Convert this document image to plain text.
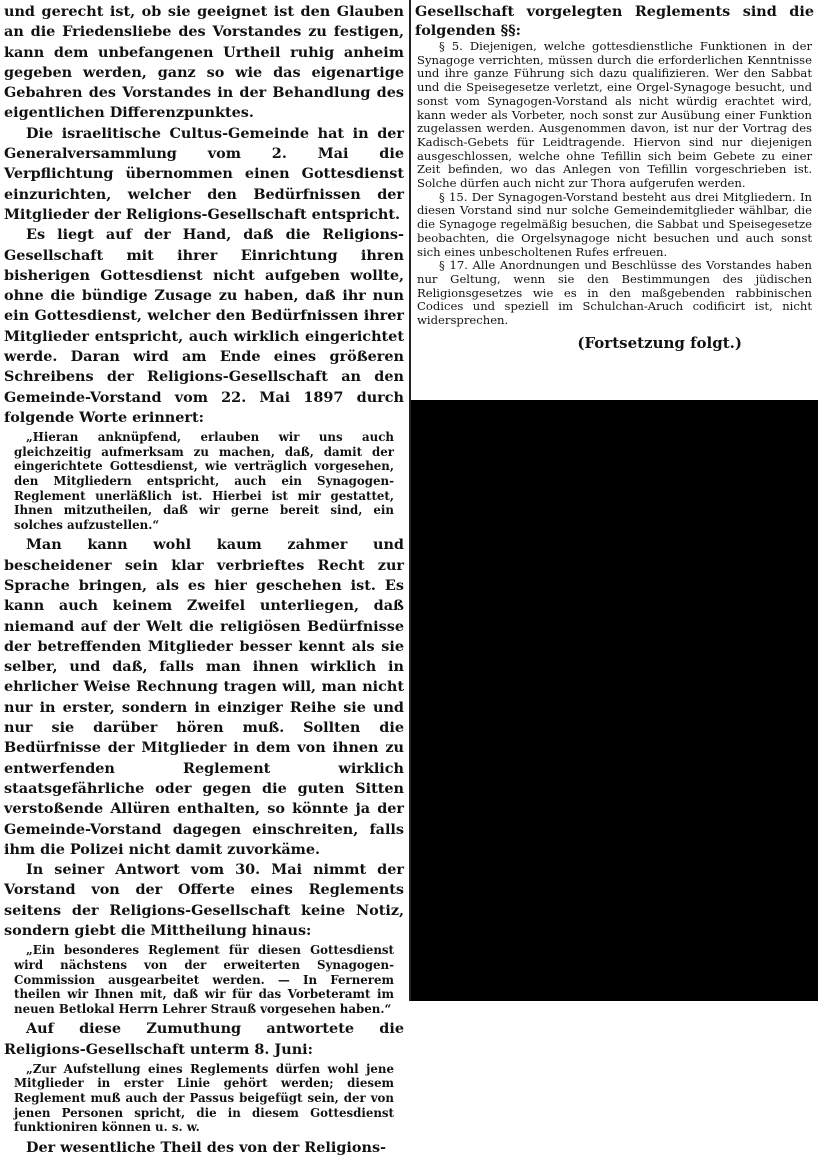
und gerecht ist, ob sie geeignet ist den Glauben an die Friedensliebe des Vorstandes zu festigen, kann dem unbefangenen Urtheil ruhig anheim gegeben werden, ganz so wie das eigenartige Gebahren des Vorstandes in der Behandlung des eigentlichen Differenzpunktes.

Die israelitische Cultus-Gemeinde hat in der Generalversammlung vom 2. Mai die Verpflichtung übernommen einen Gottesdienst einzurichten, welcher den Bedürfnissen der Mitglieder der Religions-Gesellschaft entspricht.

Es liegt auf der Hand, daß die Religions-Gesellschaft mit ihrer Einrichtung ihren bisherigen Gottesdienst nicht aufgeben wollte, ohne die bündige Zusage zu haben, daß ihr nun ein Gottesdienst, welcher den Bedürfnissen ihrer Mitglieder entspricht, auch wirklich eingerichtet werde. Daran wird am Ende eines größeren Schreibens der Religions-Gesellschaft an den Gemeinde-Vorstand vom 22. Mai 1897 durch folgende Worte erinnert:

„Hieran anknüpfend, erlauben wir uns auch gleichzeitig aufmerksam zu machen, daß, damit der eingerichtete Gottesdienst, wie verträglich vorgesehen, den Mitgliedern entspricht, auch ein Synagogen-Reglement unerläßlich ist. Hierbei ist mir gestattet, Ihnen mitzutheilen, daß wir gerne bereit sind, ein solches aufzustellen.“

Man kann wohl kaum zahmer und bescheidener sein klar verbrieftes Recht zur Sprache bringen, als es hier geschehen ist. Es kann auch keinem Zweifel unterliegen, daß niemand auf der Welt die religiösen Bedürfnisse der betreffenden Mitglieder besser kennt als sie selber, und daß, falls man ihnen wirklich in ehrlicher Weise Rechnung tragen will, man nicht nur in erster, sondern in einziger Reihe sie und nur sie darüber hören muß. Sollten die Bedürfnisse der Mitglieder in dem von ihnen zu entwerfenden Reglement wirklich staatsgefährliche oder gegen die guten Sitten verstoßende Allüren enthalten, so könnte ja der Gemeinde-Vorstand dagegen einschreiten, falls ihm die Polizei nicht damit zuvorkäme.

In seiner Antwort vom 30. Mai nimmt der Vorstand von der Offerte eines Reglements seitens der Religions-Gesellschaft keine Notiz, sondern giebt die Mittheilung hinaus:

„Ein besonderes Reglement für diesen Gottesdienst wird nächstens von der erweiterten Synagogen-Commission ausgearbeitet werden. — In Fernerem theilen wir Ihnen mit, daß wir für das Vorbeteramt im neuen Betlokal Herrn Lehrer Strauß vorgesehen haben.“

Auf diese Zumuthung antwortete die Religions-Gesellschaft unterm 8. Juni:

„Zur Aufstellung eines Reglements dürfen wohl jene Mitglieder in erster Linie gehört werden; diesem Reglement muß auch der Passus beigefügt sein, der von jenen Personen spricht, die in diesem Gottesdienst funktioniren können u. s. w.

Der wesentliche Theil des von der Religions-

Gesellschaft vorgelegten Reglements sind die folgenden §§:

§ 5. Diejenigen, welche gottesdienstliche Funktionen in der Synagoge verrichten, müssen durch die erforderlichen Kenntnisse und ihre ganze Führung sich dazu qualifizieren. Wer den Sabbat und die Speisegesetze verletzt, eine Orgel-Synagoge besucht, und sonst vom Synagogen-Vorstand als nicht würdig erachtet wird, kann weder als Vorbeter, noch sonst zur Ausübung einer Funktion zugelassen werden. Ausgenommen davon, ist nur der Vortrag des Kadisch-Gebets für Leidtragende. Hiervon sind nur diejenigen ausgeschlossen, welche ohne Tefillin sich beim Gebete zu einer Zeit befinden, wo das Anlegen von Tefillin vorgeschrieben ist. Solche dürfen auch nicht zur Thora aufgerufen werden.

§ 15. Der Synagogen-Vorstand besteht aus drei Mitgliedern. In diesen Vorstand sind nur solche Gemeindemitglieder wählbar, die die Synagoge regelmäßig besuchen, die Sabbat und Speisegesetze beobachten, die Orgelsynagoge nicht besuchen und auch sonst sich eines unbescholtenen Rufes erfreuen.

§ 17. Alle Anordnungen und Beschlüsse des Vorstandes haben nur Geltung, wenn sie den Bestimmungen des jüdischen Religionsgesetzes wie es in den maßgebenden rabbinischen Codices und speziell im Schulchan-Aruch codificirt ist, nicht widersprechen.

(Fortsetzung folgt.)
